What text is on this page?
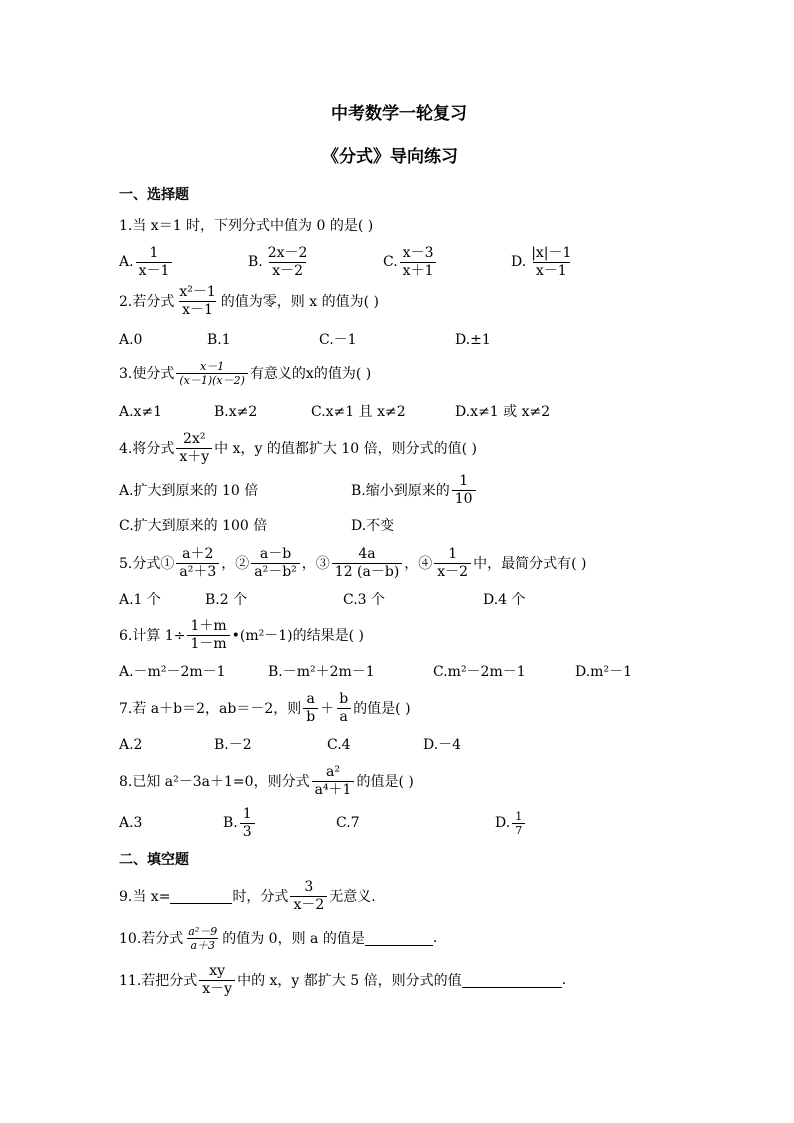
中考数学一轮复习
《分式》导向练习
一、选择题
1.当 x＝1 时，下列分式中值为 0 的是( )
A. $\frac{1}{x-1}$	B. $\frac{2x-2}{x-2}$	C. $\frac{x-3}{x+1}$	D. $\frac{|x|-1}{x-1}$
2.若分式 $\frac{\text{x²－1}}{x-1}$ 的值为零，则 x 的值为( )
A.0	B.1	C.－1	D.±1
3.使分式 $\frac{x-1}{(x-1)(x-2)}$ 有意义的x的值为( )
A.x≠1	B.x≠2	C.x≠1 且 x≠2	D.x≠1 或 x≠2
4.将分式 $\frac{\text{2x²}}{x+y}$ 中 x，y 的值都扩大 10 倍，则分式的值( )
A.扩大到原来的 10 倍	B.缩小到原来的 $\frac{1}{10}$
C.扩大到原来的 100 倍	D.不变
5.分式① $\frac{a+2}{\text{a²＋3}}$ ，② $\frac{a-b}{\text{a²－b²}}$ ，③ $\frac{4a}{12 (a-b)}$ ，④ $\frac{1}{x-2}$ 中，最简分式有( )
A.1 个	B.2 个	C.3 个	D.4 个
6.计算 $1\div \frac{1+m}{1-m}$ •(m²－1)的结果是( )
A.－m²－2m－1	B.－m²＋2m－1	C.m²－2m－1	D.m²－1
7.若 a＋b＝2，ab＝－2，则 $\frac{a}{b} + \frac{b}{a}$ 的值是( )
A.2	B.－2	C.4	D.－4
8.已知 a²－3a＋1=0，则分式 $\frac{\text{a²}}{\text{a⁴＋1}}$ 的值是( )
A.3	B. $\frac{1}{3}$	C.7	D. $\frac{1}{7}$
二、填空题
9.当 x=	时，分式 $\frac{3}{x-2}$ 无意义.
10.若分式 $\frac{\text{a²－9}}{a+3}$ 的值为 0，则 a 的值是	.
11.若把分式 $\frac{xy}{x-y}$ 中的 x，y 都扩大 5 倍，则分式的值	.
